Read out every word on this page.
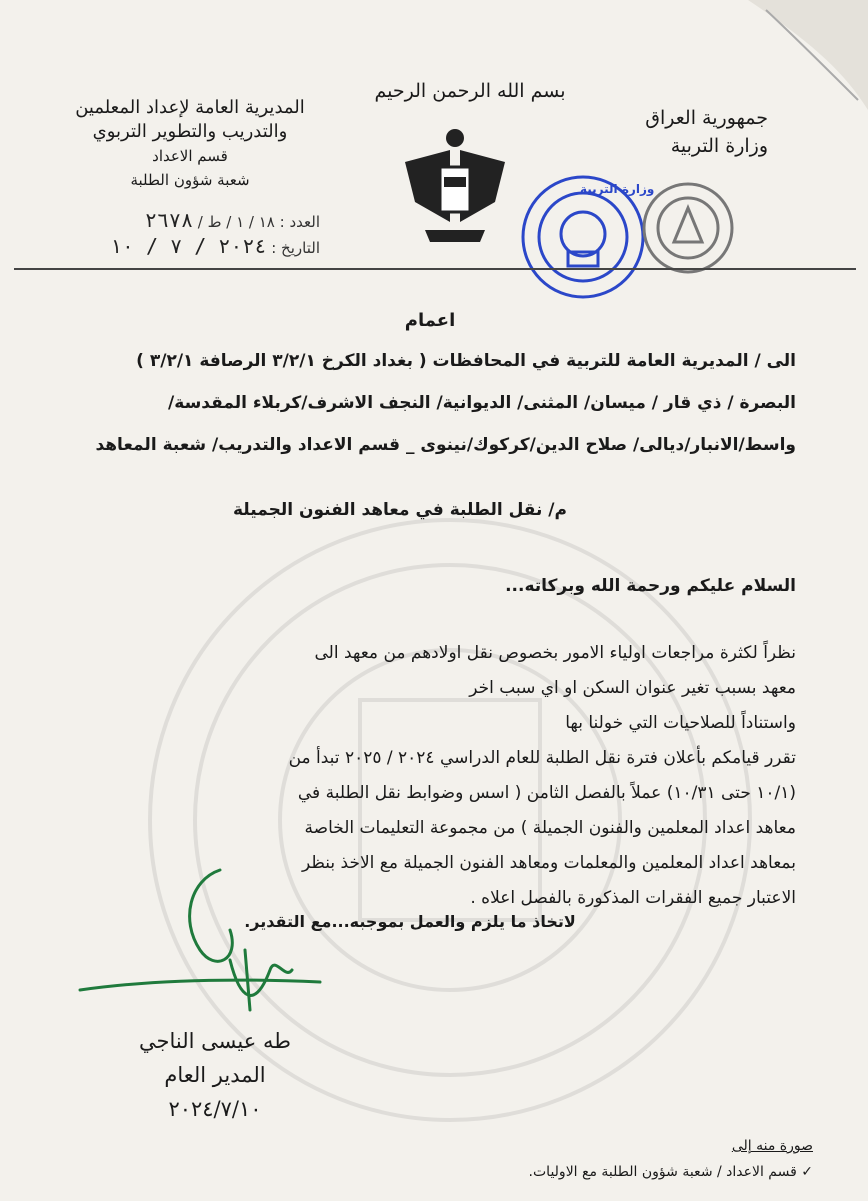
بسم الله الرحمن الرحيم
جمهورية العراق
وزارة التربية
المديرية العامة لإعداد المعلمين
والتدريب والتطوير التربوي
قسم الاعداد
شعبة شؤون الطلبة
العدد : ١٨ / ١ / ط / ٢٦٧٨
التاريخ : ٢٠٢٤ / ٧ / ١٠
وزارة التربية
اعمام
الى / المديرية العامة للتربية في المحافظات ( بغداد الكرخ ٣/٢/١ الرصافة ٣/٢/١ )
البصرة / ذي قار / ميسان/ المثنى/ الديوانية/ النجف الاشرف/كربلاء المقدسة/
واسط/الانبار/ديالى/ صلاح الدين/كركوك/نينوى _ قسم الاعداد والتدريب/ شعبة المعاهد
م/ نقل الطلبة في معاهد الفنون الجميلة
السلام عليكم ورحمة الله وبركاته...
نظراً لكثرة مراجعات اولياء الامور بخصوص نقل اولادهم من معهد الى
معهد بسبب تغير عنوان السكن او اي سبب اخر
واستناداً للصلاحيات التي خولنا بها
تقرر قيامكم بأعلان فترة نقل الطلبة للعام الدراسي ٢٠٢٤ / ٢٠٢٥ تبدأ من
(١٠/١ حتى ١٠/٣١) عملاً بالفصل الثامن ( اسس وضوابط نقل الطلبة في
معاهد اعداد المعلمين والفنون الجميلة ) من مجموعة التعليمات الخاصة
بمعاهد اعداد المعلمين والمعلمات ومعاهد الفنون الجميلة مع الاخذ بنظر
الاعتبار جميع الفقرات المذكورة بالفصل اعلاه .
لاتخاذ ما يلزم والعمل بموجبه...مع التقدير.
طه عيسى الناجي
المدير العام
٢٠٢٤/٧/١٠
صورة منه إلى
✓ قسم الاعداد / شعبة شؤون الطلبة مع الاوليات.
